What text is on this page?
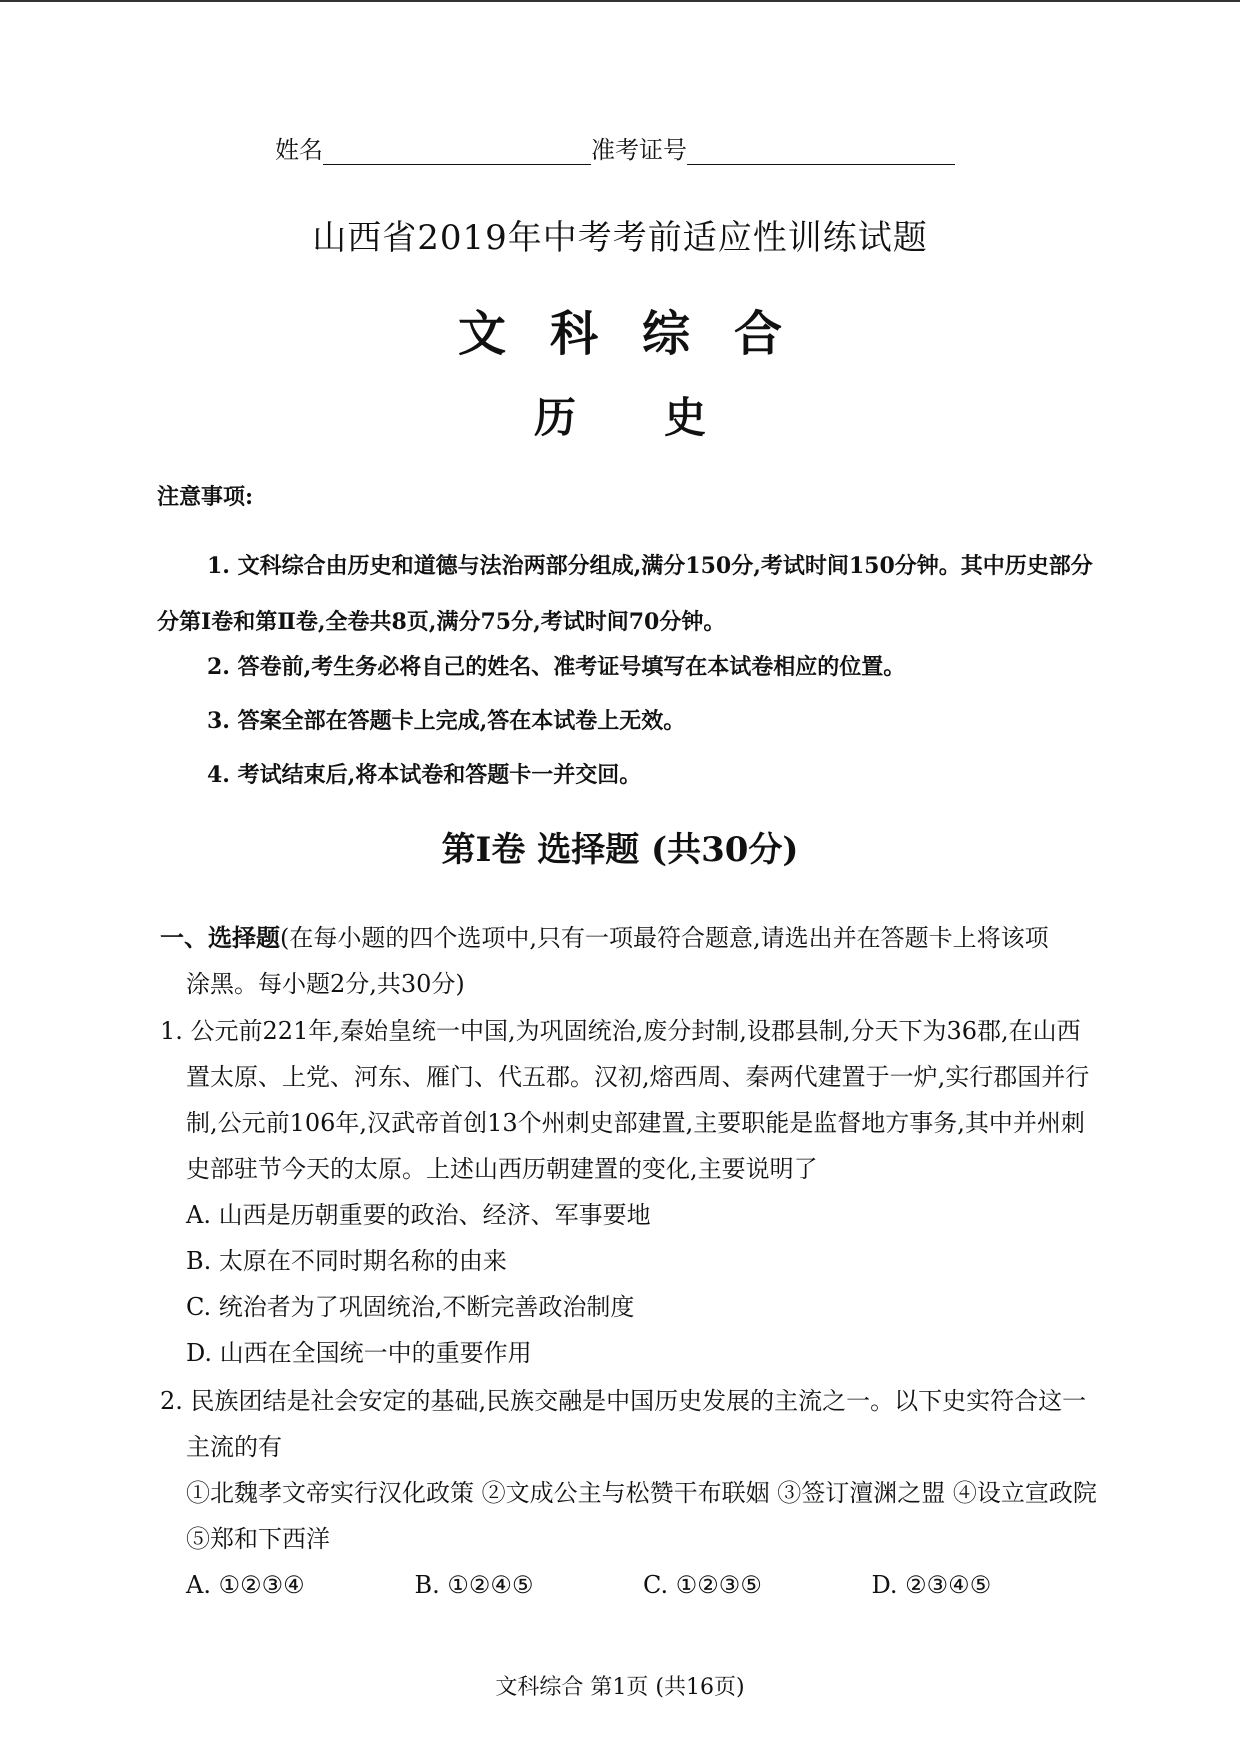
姓名	准考证号
山西省2019年中考考前适应性训练试题
文科综合
历史
注意事项:
1. 文科综合由历史和道德与法治两部分组成,满分150分,考试时间150分钟。其中历史部分分第Ⅰ卷和第Ⅱ卷,全卷共8页,满分75分,考试时间70分钟。
2. 答卷前,考生务必将自己的姓名、准考证号填写在本试卷相应的位置。
3. 答案全部在答题卡上完成,答在本试卷上无效。
4. 考试结束后,将本试卷和答题卡一并交回。
第Ⅰ卷 选择题 (共30分)
一、选择题(在每小题的四个选项中,只有一项最符合题意,请选出并在答题卡上将该项
涂黑。每小题2分,共30分)
1. 公元前221年,秦始皇统一中国,为巩固统治,废分封制,设郡县制,分天下为36郡,在山西置太原、上党、河东、雁门、代五郡。汉初,熔西周、秦两代建置于一炉,实行郡国并行制,公元前106年,汉武帝首创13个州刺史部建置,主要职能是监督地方事务,其中并州刺史部驻节今天的太原。上述山西历朝建置的变化,主要说明了
A. 山西是历朝重要的政治、经济、军事要地
B. 太原在不同时期名称的由来
C. 统治者为了巩固统治,不断完善政治制度
D. 山西在全国统一中的重要作用
2. 民族团结是社会安定的基础,民族交融是中国历史发展的主流之一。以下史实符合这一主流的有
①北魏孝文帝实行汉化政策 ②文成公主与松赞干布联姻 ③签订澶渊之盟 ④设立宣政院 ⑤郑和下西洋
A. ①②③④	B. ①②④⑤	C. ①②③⑤	D. ②③④⑤
文科综合 第1页 (共16页)
